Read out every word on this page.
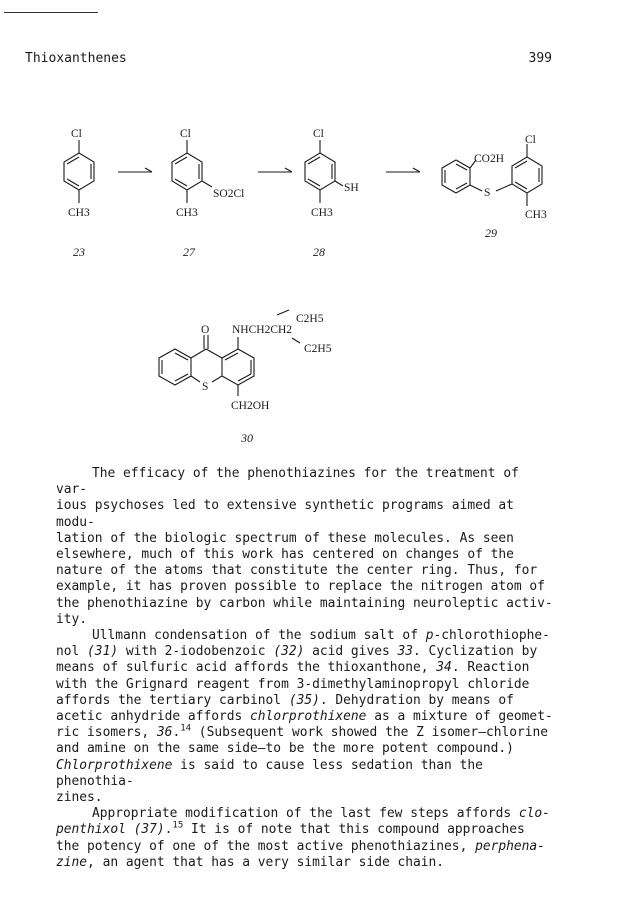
Thioxanthenes	399
Cl
CH3
23
Cl
CH3
SO2Cl
27
Cl
CH3
SH
28
CO2H
S
Cl
CH3
29
O NHCH2CH2
C2H5
C2H5
S
CH2OH
30

The efficacy of the phenothiazines for the treatment of var-
ious psychoses led to extensive synthetic programs aimed at modu-
lation of the biologic spectrum of these molecules. As seen
elsewhere, much of this work has centered on changes of the
nature of the atoms that constitute the center ring. Thus, for
example, it has proven possible to replace the nitrogen atom of
the phenothiazine by carbon while maintaining neuroleptic activ-
ity.

Ullmann condensation of the sodium salt of p-chlorothiophe-
nol (31) with 2-iodobenzoic (32) acid gives 33. Cyclization by
means of sulfuric acid affords the thioxanthone, 34. Reaction
with the Grignard reagent from 3-dimethylaminopropyl chloride
affords the tertiary carbinol (35). Dehydration by means of
acetic anhydride affords chlorprothixene as a mixture of geomet-
ric isomers, 36.14 (Subsequent work showed the Z isomer—chlorine
and amine on the same side—to be the more potent compound.)
Chlorprothixene is said to cause less sedation than the phenothia-
zines.

Appropriate modification of the last few steps affords clo-
penthixol (37).$^{15}$ It is of note that this compound approaches
the potency of one of the most active phenothiazines, perphena-
zine, an agent that has a very similar side chain.
